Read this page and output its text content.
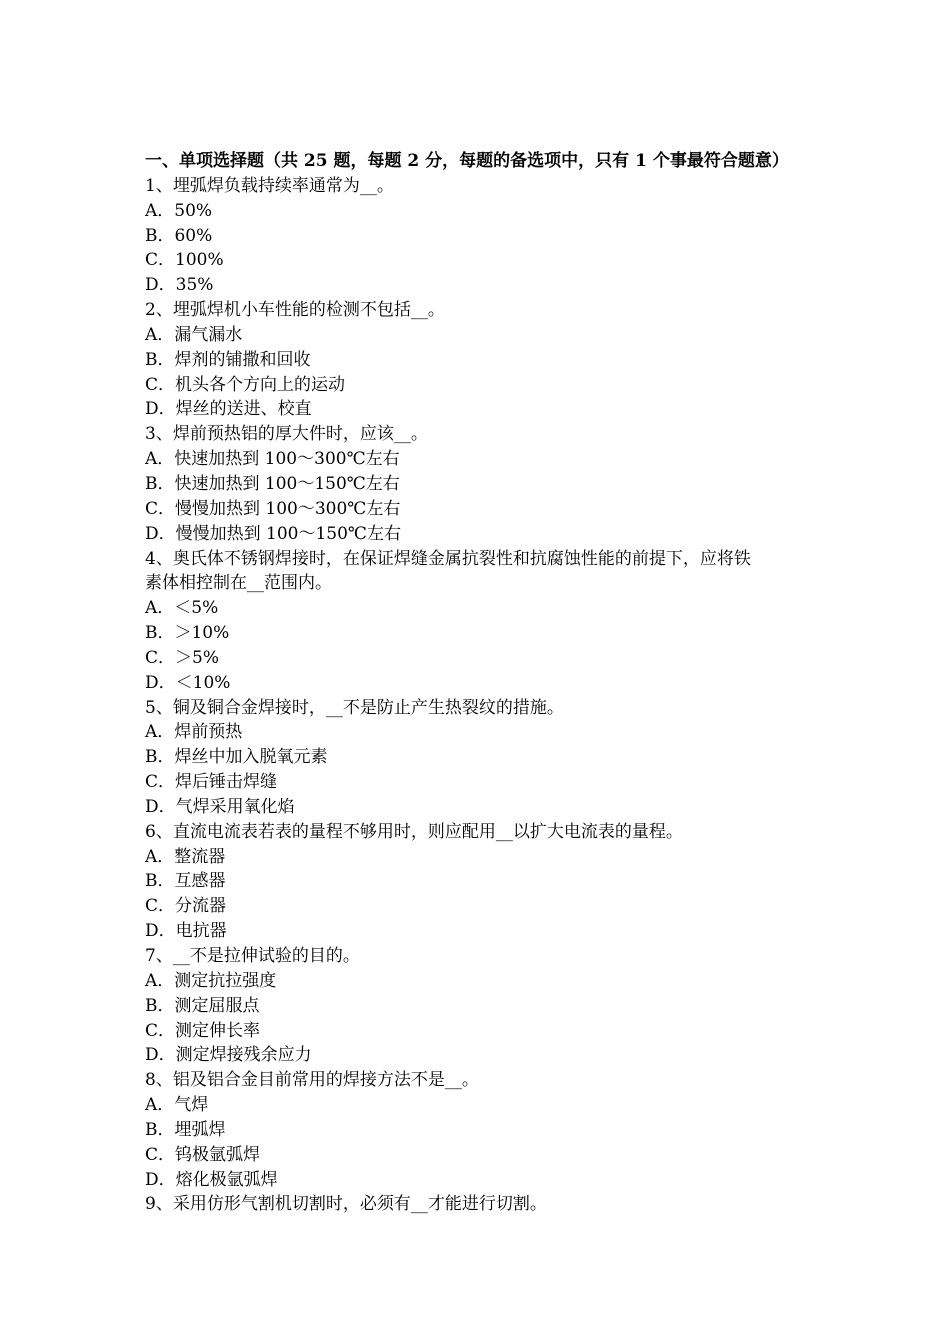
一、单项选择题（共 25 题，每题 2 分，每题的备选项中，只有 1 个事最符合题意）
1、埋弧焊负载持续率通常为__。
A．50%
B．60%
C．100%
D．35%
2、埋弧焊机小车性能的检测不包括__。
A．漏气漏水
B．焊剂的铺撒和回收
C．机头各个方向上的运动
D．焊丝的送进、校直
3、焊前预热铝的厚大件时，应该__。
A．快速加热到 100～300℃左右
B．快速加热到 100～150℃左右
C．慢慢加热到 100～300℃左右
D．慢慢加热到 100～150℃左右
4、奥氏体不锈钢焊接时，在保证焊缝金属抗裂性和抗腐蚀性能的前提下，应将铁
素体相控制在__范围内。
A．＜5%
B．＞10%
C．＞5%
D．＜10%
5、铜及铜合金焊接时，__不是防止产生热裂纹的措施。
A．焊前预热
B．焊丝中加入脱氧元素
C．焊后锤击焊缝
D．气焊采用氧化焰
6、直流电流表若表的量程不够用时，则应配用__以扩大电流表的量程。
A．整流器
B．互感器
C．分流器
D．电抗器
7、__不是拉伸试验的目的。
A．测定抗拉强度
B．测定屈服点
C．测定伸长率
D．测定焊接残余应力
8、铝及铝合金目前常用的焊接方法不是__。
A．气焊
B．埋弧焊
C．钨极氩弧焊
D．熔化极氩弧焊
9、采用仿形气割机切割时，必须有__才能进行切割。
